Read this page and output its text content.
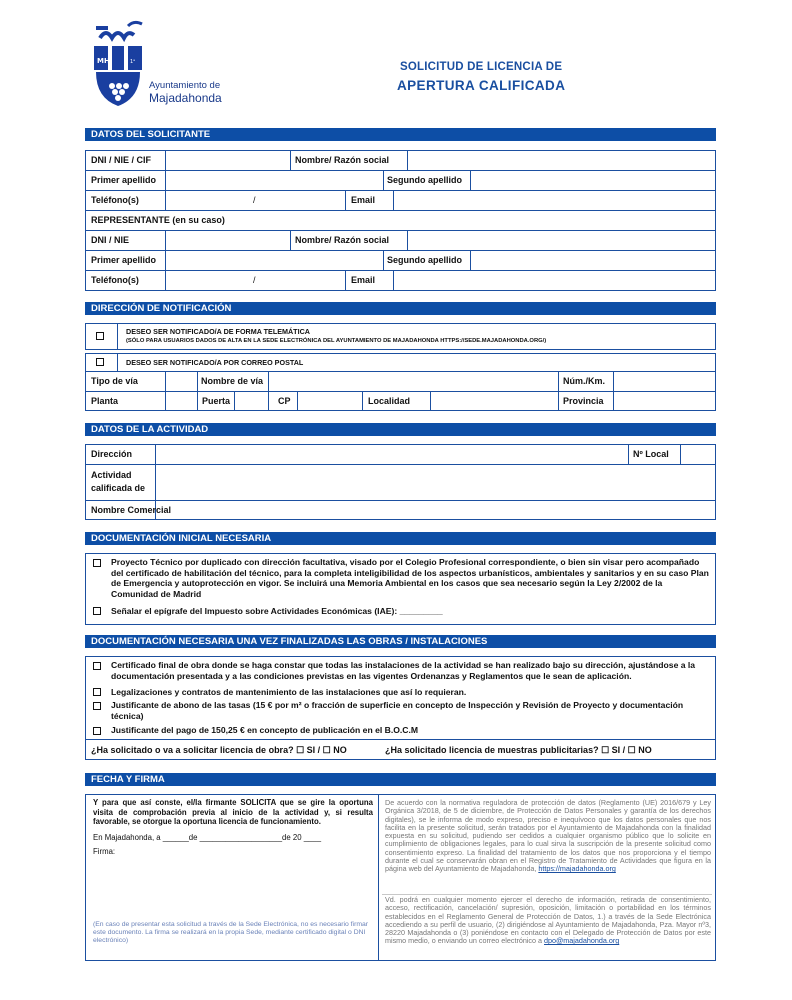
MH	1ᵃ
Ayuntamiento de
Majadahonda
SOLICITUD DE LICENCIA DE
APERTURA CALIFICADA
DATOS DEL SOLICITANTE
DNI / NIE / CIF	Nombre/ Razón social
Primer apellido	Segundo apellido
Teléfono(s)	/	Email
REPRESENTANTE (en su caso)
DNI / NIE	Nombre/ Razón social
Primer apellido	Segundo apellido
Teléfono(s)	/	Email
DIRECCIÓN DE NOTIFICACIÓN
DESEO SER NOTIFICADO/A DE FORMA TELEMÁTICA
(SÓLO PARA USUARIOS DADOS DE ALTA EN LA SEDE ELECTRÓNICA DEL AYUNTAMIENTO DE MAJADAHONDA HTTPS://SEDE.MAJADAHONDA.ORG/)
DESEO SER NOTIFICADO/A POR CORREO POSTAL
Tipo de vía	Nombre de vía	Núm./Km.
Planta	Puerta	CP	Localidad	Provincia
DATOS DE LA ACTIVIDAD
Dirección	Nº Local
Actividad
calificada de
Nombre Comercial
DOCUMENTACIÓN INICIAL NECESARIA
Proyecto Técnico por duplicado con dirección facultativa, visado por el Colegio Profesional correspondiente, o bien sin visar pero acompañado del certificado de habilitación del técnico, para la completa inteligibilidad de los aspectos urbanísticos, ambientales y sanitarios y en su caso Plan de Emergencia y autoprotección en vigor. Se incluirá una Memoria Ambiental en los casos que sea necesario según la Ley 2/2002 de la Comunidad de Madrid
Señalar el epígrafe del Impuesto sobre Actividades Económicas (IAE): _________
DOCUMENTACIÓN NECESARIA UNA VEZ FINALIZADAS LAS OBRAS / INSTALACIONES
Certificado final de obra donde se haga constar que todas las instalaciones de la actividad se han realizado bajo su dirección, ajustándose a la documentación presentada y a las condiciones previstas en las vigentes Ordenanzas y Reglamentos que le sean de aplicación.
Legalizaciones y contratos de mantenimiento de las instalaciones que así lo requieran.
Justificante de abono de las tasas (15 € por m² o fracción de superficie en concepto de Inspección y Revisión de Proyecto y documentación técnica)
Justificante del pago de 150,25 € en concepto de publicación en el B.O.C.M
¿Ha solicitado o va a solicitar licencia de obra? ☐ SI / ☐ NO	¿Ha solicitado licencia de muestras publicitarias? ☐ SI / ☐ NO
FECHA Y FIRMA
Y para que así conste, el/la firmante SOLICITA que se gire la oportuna visita de comprobación previa al inicio de la actividad y, si resulta favorable, se otorgue la oportuna licencia de funcionamiento.
En Majadahonda, a ______de ___________________de 20 ____
Firma:
(En caso de presentar esta solicitud a través de la Sede Electrónica, no es necesario firmar este documento. La firma se realizará en la propia Sede, mediante certificado digital o DNI electrónico)
De acuerdo con la normativa reguladora de protección de datos (Reglamento (UE) 2016/679 y Ley Orgánica 3/2018, de 5 de diciembre, de Protección de Datos Personales y garantía de los derechos digitales), se le informa de modo expreso, preciso e inequívoco que los datos personales que nos facilita en la presente solicitud, serán tratados por el Ayuntamiento de Majadahonda con la finalidad expuesta en su solicitud, pudiendo ser cedidos a cualquier organismo público que lo solicite en cumplimiento de obligaciones legales, para lo cual sirva la suscripción de la presente solicitud como consentimiento expreso. La finalidad del tratamiento de los datos que nos proporciona y el tiempo durante el cual se conservarán obran en el Registro de Tratamiento de Actividades que figura en la página web del Ayuntamiento de Majadahonda, https://majadahonda.org
Vd. podrá en cualquier momento ejercer el derecho de información, retirada de consentimiento, acceso, rectificación, cancelación/ supresión, oposición, limitación o portabilidad en los términos establecidos en el Reglamento General de Protección de Datos, 1.) a través de la Sede Electrónica accediendo a su perfil de usuario, (2) dirigiéndose al Ayuntamiento de Majadahonda, Pza. Mayor nº3, 28220 Majadahonda o (3) poniéndose en contacto con el Delegado de Protección de Datos por este mismo medio, o enviando un correo electrónico a dpo@majadahonda.org
